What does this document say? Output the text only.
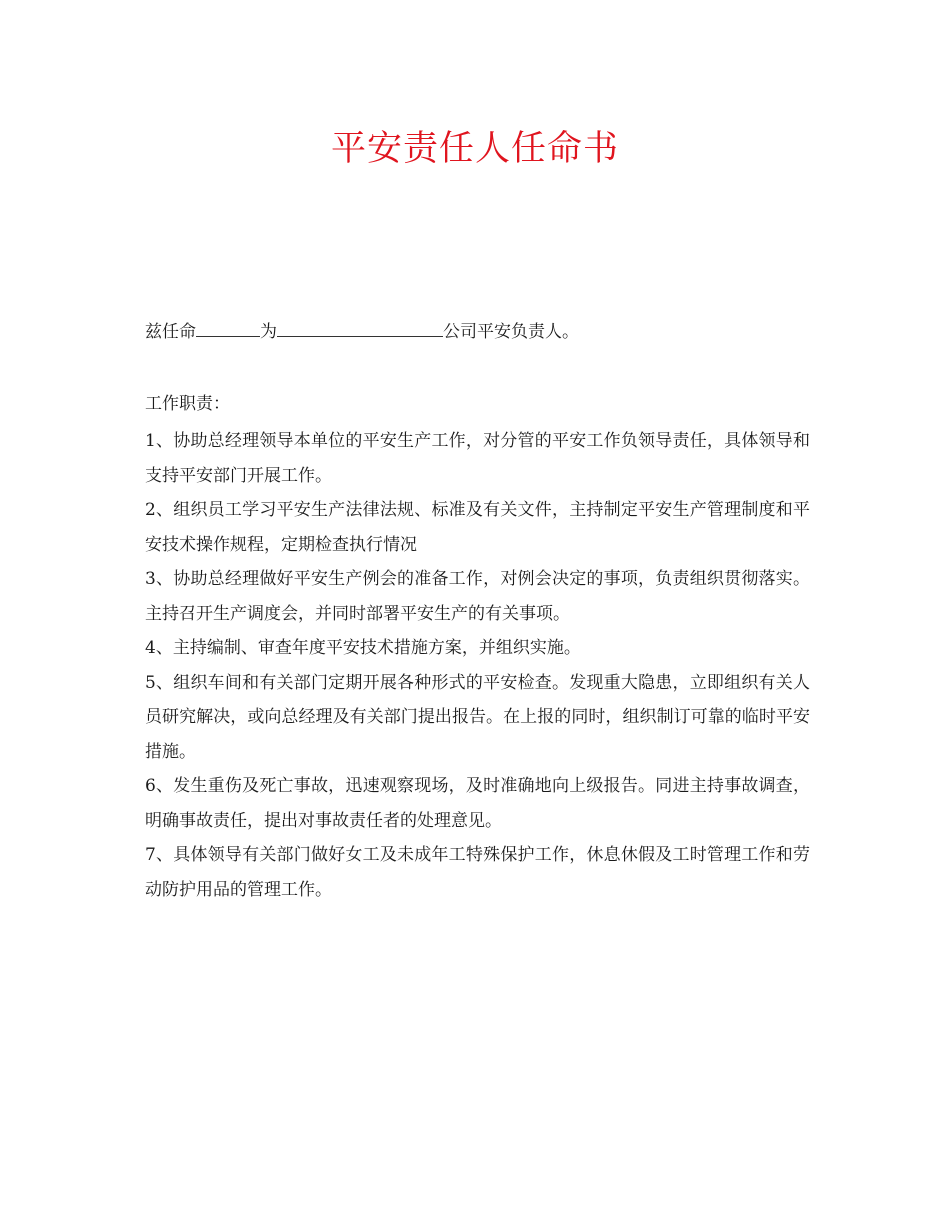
平安责任人任命书
兹任命	为	公司平安负责人。
工作职责：
1、协助总经理领导本单位的平安生产工作，对分管的平安工作负领导责任，具体领导和支持平安部门开展工作。
2、组织员工学习平安生产法律法规、标准及有关文件，主持制定平安生产管理制度和平安技术操作规程，定期检查执行情况
3、协助总经理做好平安生产例会的准备工作，对例会决定的事项，负责组织贯彻落实。主持召开生产调度会，并同时部署平安生产的有关事项。
4、主持编制、审查年度平安技术措施方案，并组织实施。
5、组织车间和有关部门定期开展各种形式的平安检查。发现重大隐患，立即组织有关人员研究解决，或向总经理及有关部门提出报告。在上报的同时，组织制订可靠的临时平安措施。
6、发生重伤及死亡事故，迅速观察现场，及时准确地向上级报告。同进主持事故调查，明确事故责任，提出对事故责任者的处理意见。
7、具体领导有关部门做好女工及未成年工特殊保护工作，休息休假及工时管理工作和劳动防护用品的管理工作。
